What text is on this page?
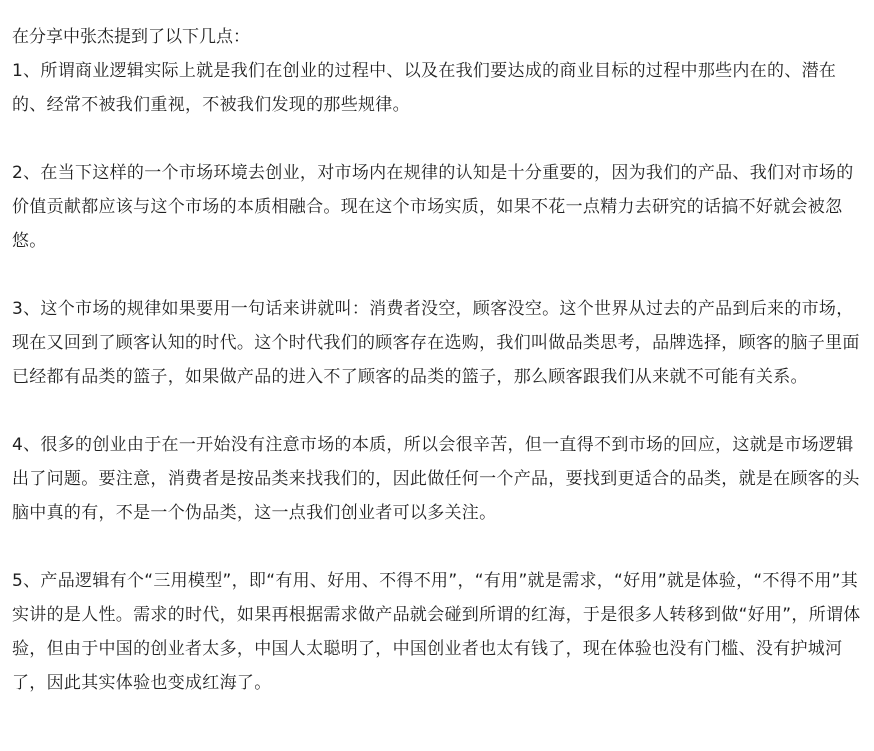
在分享中张杰提到了以下几点：

1、所谓商业逻辑实际上就是我们在创业的过程中、以及在我们要达成的商业目标的过程中那些内在的、潜在的、经常不被我们重视，不被我们发现的那些规律。

2、在当下这样的一个市场环境去创业，对市场内在规律的认知是十分重要的，因为我们的产品、我们对市场的价值贡献都应该与这个市场的本质相融合。现在这个市场实质，如果不花一点精力去研究的话搞不好就会被忽悠。

3、这个市场的规律如果要用一句话来讲就叫：消费者没空，顾客没空。这个世界从过去的产品到后来的市场，现在又回到了顾客认知的时代。这个时代我们的顾客存在选购，我们叫做品类思考，品牌选择，顾客的脑子里面已经都有品类的篮子，如果做产品的进入不了顾客的品类的篮子，那么顾客跟我们从来就不可能有关系。

4、很多的创业由于在一开始没有注意市场的本质，所以会很辛苦，但一直得不到市场的回应，这就是市场逻辑出了问题。要注意，消费者是按品类来找我们的，因此做任何一个产品，要找到更适合的品类，就是在顾客的头脑中真的有，不是一个伪品类，这一点我们创业者可以多关注。

5、产品逻辑有个“三用模型”，即“有用、好用、不得不用”，“有用”就是需求，“好用”就是体验，“不得不用”其实讲的是人性。需求的时代，如果再根据需求做产品就会碰到所谓的红海，于是很多人转移到做“好用”，所谓体验，但由于中国的创业者太多，中国人太聪明了，中国创业者也太有钱了，现在体验也没有门槛、没有护城河了，因此其实体验也变成红海了。
